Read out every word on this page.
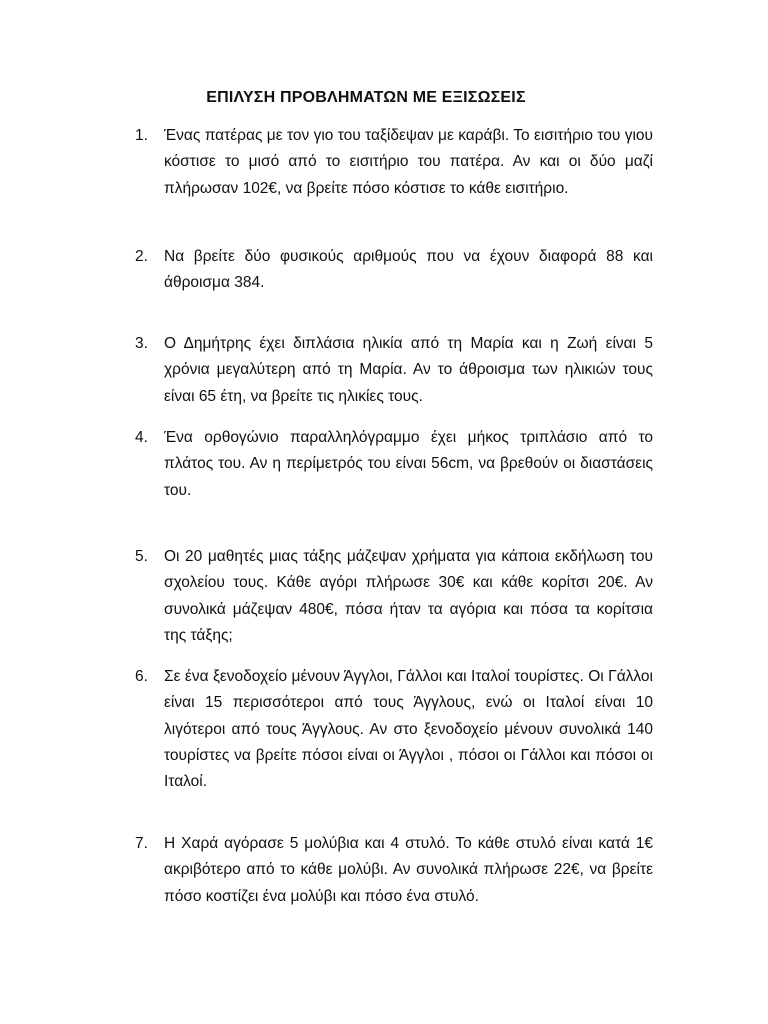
ΕΠΙΛΥΣΗ ΠΡΟΒΛΗΜΑΤΩΝ ΜΕ ΕΞΙΣΩΣΕΙΣ
1.	Ένας πατέρας με τον γιο του ταξίδεψαν με καράβι. Το εισιτήριο του γιου κόστισε το μισό από το εισιτήριο του πατέρα. Αν και οι δύο μαζί πλήρωσαν 102€, να βρείτε πόσο κόστισε το κάθε εισιτήριο.
2.	Να βρείτε δύο φυσικούς αριθμούς που να έχουν διαφορά 88 και άθροισμα 384.
3.	Ο Δημήτρης έχει διπλάσια ηλικία από τη Μαρία και η Ζωή είναι 5 χρόνια μεγαλύτερη από τη Μαρία. Αν το άθροισμα των ηλικιών τους είναι 65 έτη, να βρείτε τις ηλικίες τους.
4.	Ένα ορθογώνιο παραλληλόγραμμο έχει μήκος τριπλάσιο από το πλάτος του. Αν η περίμετρός του είναι 56cm, να βρεθούν οι διαστάσεις του.
5.	Οι 20 μαθητές μιας τάξης μάζεψαν χρήματα για κάποια εκδήλωση του σχολείου τους. Κάθε αγόρι πλήρωσε 30€ και κάθε κορίτσι 20€. Αν συνολικά μάζεψαν 480€, πόσα ήταν τα αγόρια και πόσα τα κορίτσια της τάξης;
6.	Σε ένα ξενοδοχείο μένουν Άγγλοι, Γάλλοι και Ιταλοί τουρίστες. Οι Γάλλοι είναι 15 περισσότεροι από τους Άγγλους, ενώ οι Ιταλοί είναι 10 λιγότεροι από τους Άγγλους. Αν στο ξενοδοχείο μένουν συνολικά 140 τουρίστες να βρείτε πόσοι είναι οι Άγγλοι , πόσοι οι Γάλλοι και πόσοι οι Ιταλοί.
7.	Η Χαρά αγόρασε 5 μολύβια και 4 στυλό. Το κάθε στυλό είναι κατά 1€ ακριβότερο από το κάθε μολύβι. Αν συνολικά πλήρωσε 22€, να βρείτε πόσο κοστίζει ένα μολύβι και πόσο ένα στυλό.
